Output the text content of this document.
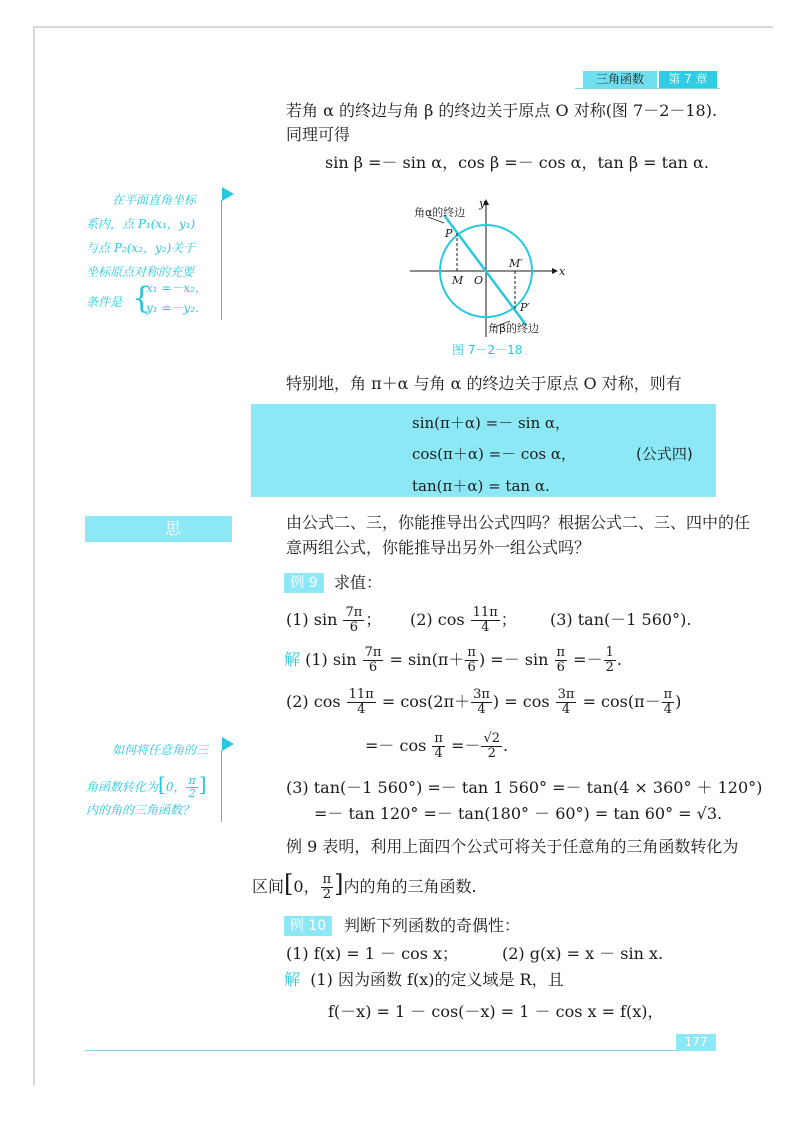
三角函数	第 7 章
若角 α 的终边与角 β 的终边关于原点 O 对称(图 7－2－18).
同理可得
sin β =－ sin α，cos β =－ cos α，tan β = tan α.
在平面直角坐标
系内，点 P₁(x₁，y₁)
与点 P₂(x₂，y₂)关于
坐标原点对称的充要
条件是 {
x₁ =－x₂，
y₁ =－y₂.
角α的终边
角β的终边
P
M O
M′
P′
x
y
图 7－2－18
特别地，角 π＋α 与角 α 的终边关于原点 O 对称，则有
sin(π＋α) =－ sin α，
cos(π＋α) =－ cos α，
tan(π＋α) = tan α.
(公式四)
思考
由公式二、三，你能推导出公式四吗？根据公式二、三、四中的任
意两组公式，你能推导出另外一组公式吗？
例 9	求值：
(1) $\sin \frac{7\pi}{6}$ ； (2) $\cos \frac{11\pi}{4}$ ； (3) tan(－1 560°).
解 (1) $\sin \frac{7\pi}{6} = \sin(\pi+ \frac{\pi}{6}$ ) =－ $\sin \frac{\pi}{6} =- \frac{1}{2}$ .
(2) $\cos \frac{11\pi}{4} = \cos(2\pi+ \frac{3\pi}{4}$ ) = $\cos \frac{3\pi}{4} = \cos(\pi- \frac{\pi}{4}$ )
=－ $\cos \frac{\pi}{4} =- \frac{√2}{2}$ .
(3) tan(－1 560°) =－ tan 1 560° =－ tan(4 × 360° ＋ 120°)
=－ tan 120° =－ tan(180° － 60°) = tan 60° = √3.
如何将任意角的三
角函数转化为[0， $\frac{\pi}{2}$ ]
内的角的三角函数？
例 9 表明，利用上面四个公式可将关于任意角的三角函数转化为
区间[0， $\frac{\pi}{2}$ ]内的角的三角函数.
例 10	判断下列函数的奇偶性：
(1) f(x) = 1 － cos x；	(2) g(x) = x － sin x.
解 (1) 因为函数 f(x)的定义域是 R，且
f(－x) = 1 － cos(－x) = 1 － cos x = f(x)，
177
